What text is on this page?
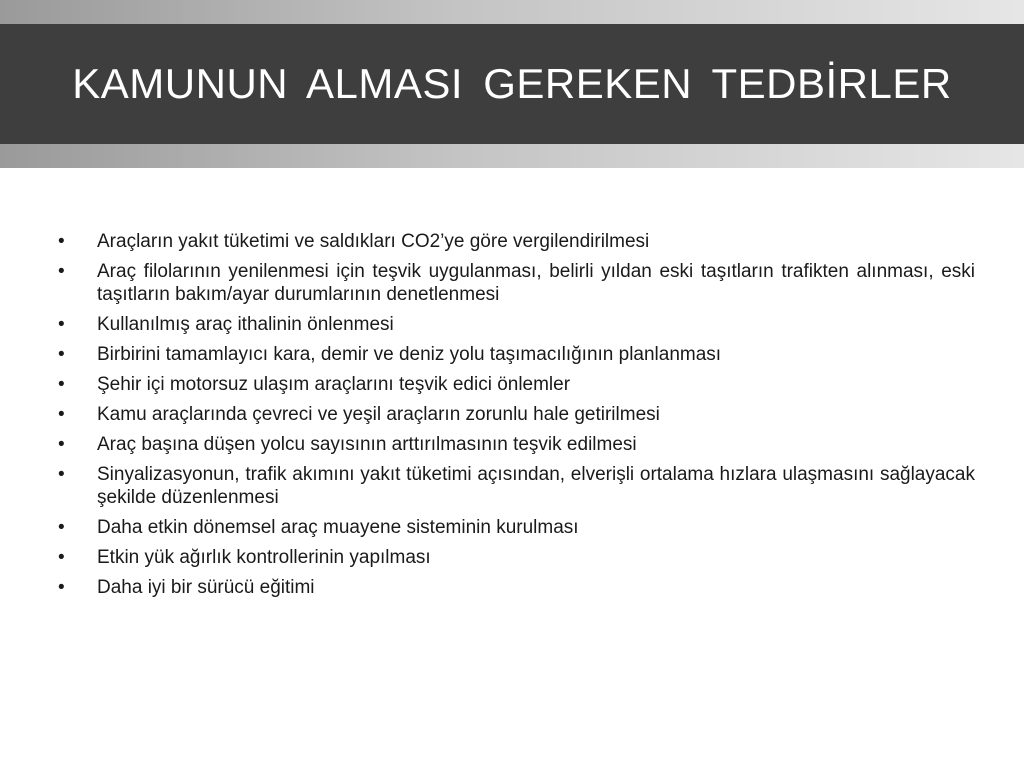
KAMUNUN ALMASI GEREKEN TEDBİRLER
•	Araçların yakıt tüketimi ve saldıkları CO2’ye göre vergilendirilmesi
•	Araç filolarının yenilenmesi için teşvik uygulanması, belirli yıldan eski taşıtların trafikten alınması, eski taşıtların bakım/ayar durumlarının denetlenmesi
•	Kullanılmış araç ithalinin önlenmesi
•	Birbirini tamamlayıcı kara, demir ve deniz yolu taşımacılığının planlanması
•	Şehir içi motorsuz ulaşım araçlarını teşvik edici önlemler
•	Kamu araçlarında çevreci ve yeşil araçların zorunlu hale getirilmesi
•	Araç başına düşen yolcu sayısının arttırılmasının teşvik edilmesi
•	Sinyalizasyonun, trafik akımını yakıt tüketimi açısından, elverişli ortalama hızlara ulaşmasını sağlayacak şekilde düzenlenmesi
•	Daha etkin dönemsel araç muayene sisteminin kurulması
•	Etkin yük ağırlık kontrollerinin yapılması
•	Daha iyi bir sürücü eğitimi
